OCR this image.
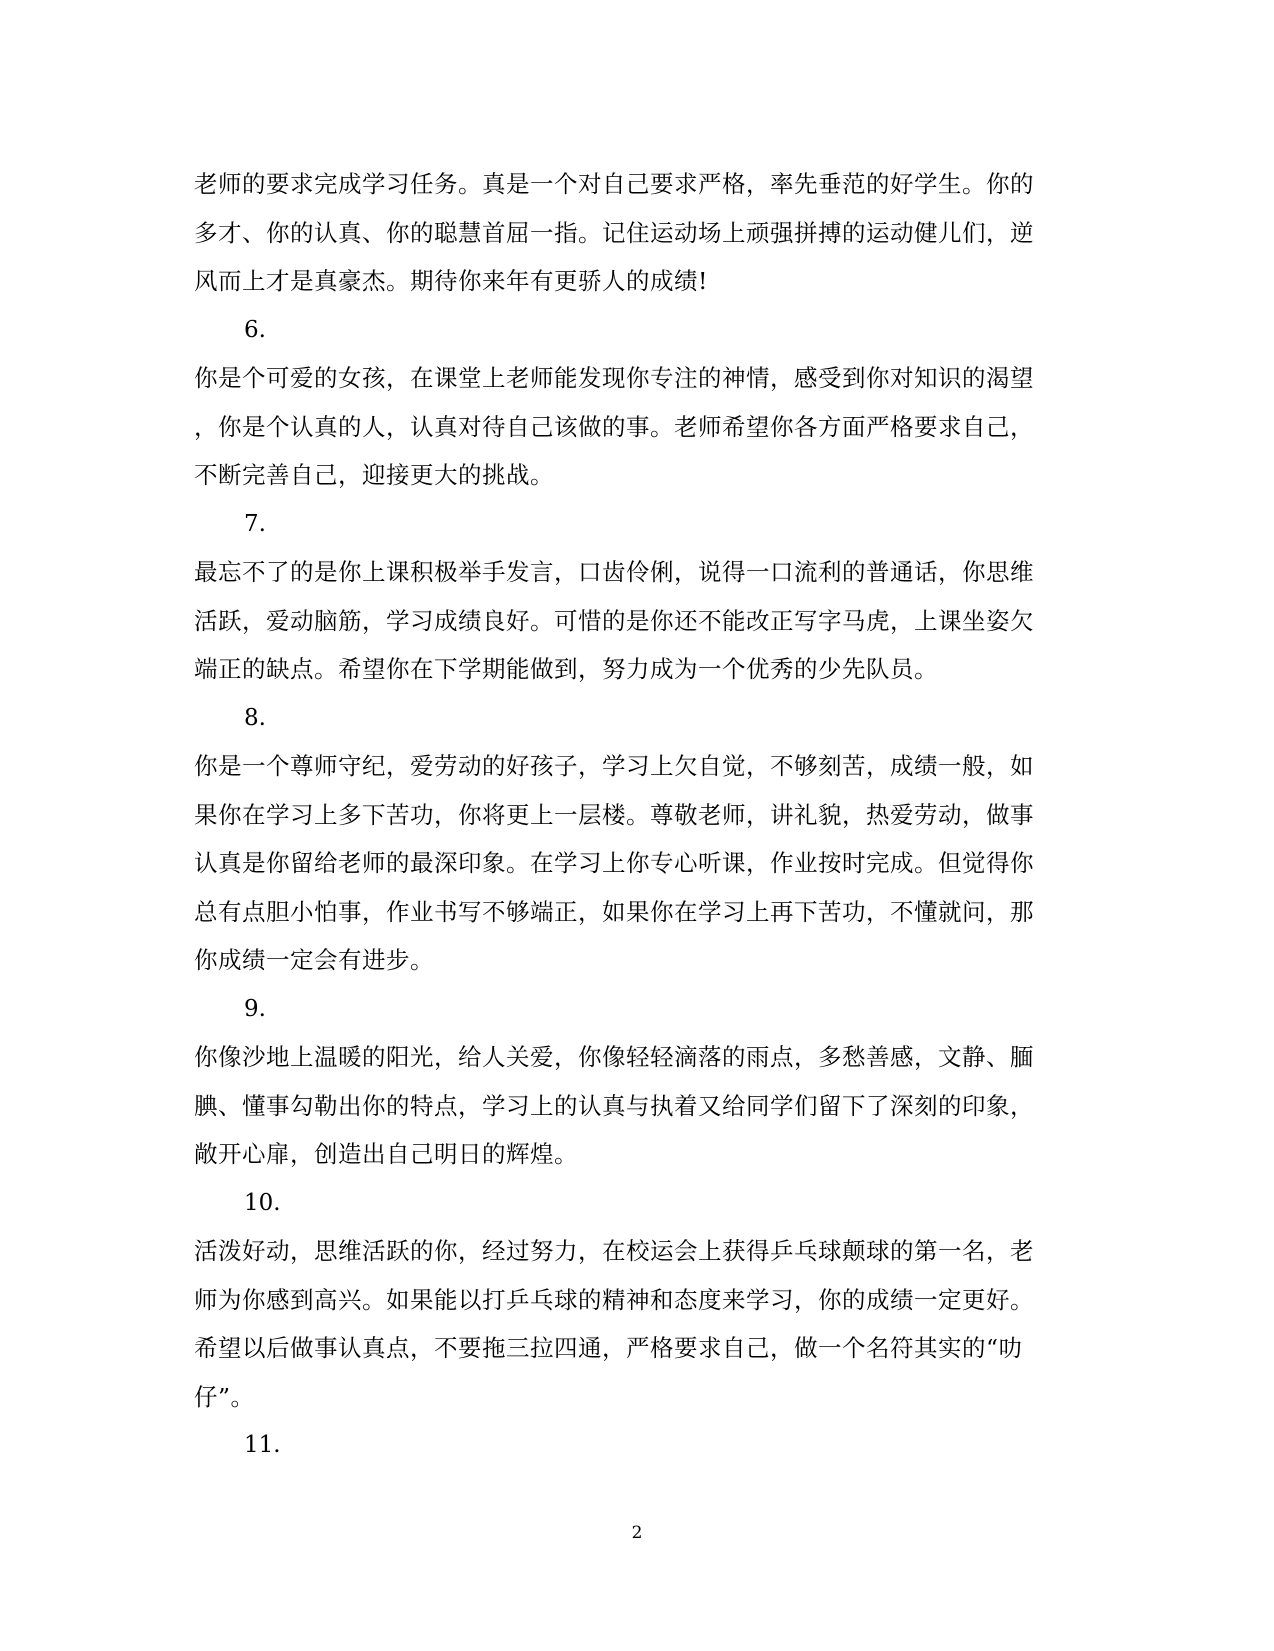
老师的要求完成学习任务。真是一个对自己要求严格，率先垂范的好学生。你的
多才、你的认真、你的聪慧首屈一指。记住运动场上顽强拼搏的运动健儿们，逆
风而上才是真豪杰。期待你来年有更骄人的成绩!

6.

你是个可爱的女孩，在课堂上老师能发现你专注的神情，感受到你对知识的渴望
，你是个认真的人，认真对待自己该做的事。老师希望你各方面严格要求自己，
不断完善自己，迎接更大的挑战。

7.

最忘不了的是你上课积极举手发言，口齿伶俐，说得一口流利的普通话，你思维
活跃，爱动脑筋，学习成绩良好。可惜的是你还不能改正写字马虎，上课坐姿欠
端正的缺点。希望你在下学期能做到，努力成为一个优秀的少先队员。

8.

你是一个尊师守纪，爱劳动的好孩子，学习上欠自觉，不够刻苦，成绩一般，如
果你在学习上多下苦功，你将更上一层楼。尊敬老师，讲礼貌，热爱劳动，做事
认真是你留给老师的最深印象。在学习上你专心听课，作业按时完成。但觉得你
总有点胆小怕事，作业书写不够端正，如果你在学习上再下苦功，不懂就问，那
你成绩一定会有进步。

9.

你像沙地上温暖的阳光，给人关爱，你像轻轻滴落的雨点，多愁善感，文静、腼
腆、懂事勾勒出你的特点，学习上的认真与执着又给同学们留下了深刻的印象，
敞开心扉，创造出自己明日的辉煌。

10.

活泼好动，思维活跃的你，经过努力，在校运会上获得乒乓球颠球的第一名，老
师为你感到高兴。如果能以打乒乓球的精神和态度来学习，你的成绩一定更好。
希望以后做事认真点，不要拖三拉四通，严格要求自己，做一个名符其实的“叻
仔”。

11.

2
